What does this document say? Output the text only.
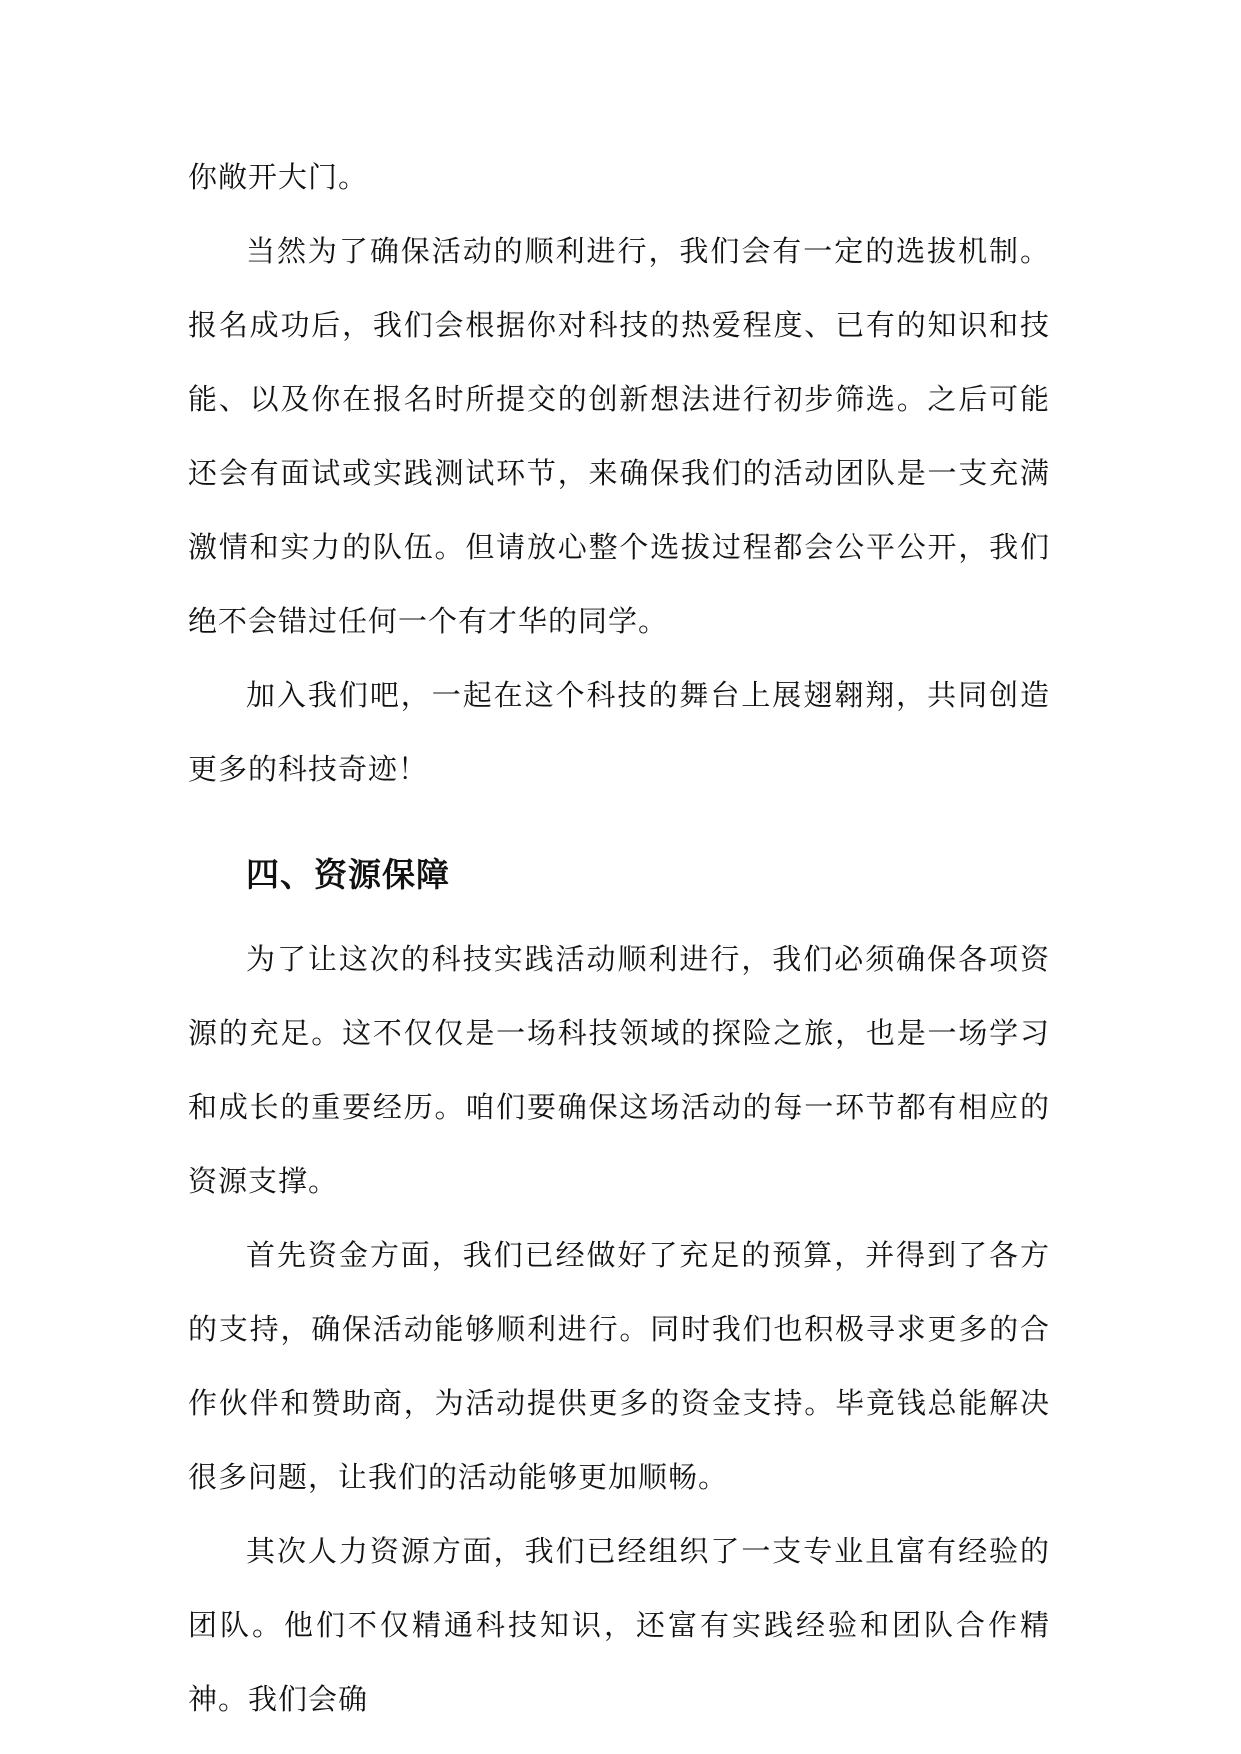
你敞开大门。

当然为了确保活动的顺利进行，我们会有一定的选拔机制。报名成功后，我们会根据你对科技的热爱程度、已有的知识和技能、以及你在报名时所提交的创新想法进行初步筛选。之后可能还会有面试或实践测试环节，来确保我们的活动团队是一支充满激情和实力的队伍。但请放心整个选拔过程都会公平公开，我们绝不会错过任何一个有才华的同学。

加入我们吧，一起在这个科技的舞台上展翅翱翔，共同创造更多的科技奇迹！

四、资源保障

为了让这次的科技实践活动顺利进行，我们必须确保各项资源的充足。这不仅仅是一场科技领域的探险之旅，也是一场学习和成长的重要经历。咱们要确保这场活动的每一环节都有相应的资源支撑。

首先资金方面，我们已经做好了充足的预算，并得到了各方的支持，确保活动能够顺利进行。同时我们也积极寻求更多的合作伙伴和赞助商，为活动提供更多的资金支持。毕竟钱总能解决很多问题，让我们的活动能够更加顺畅。

其次人力资源方面，我们已经组织了一支专业且富有经验的团队。他们不仅精通科技知识，还富有实践经验和团队合作精神。我们会确
